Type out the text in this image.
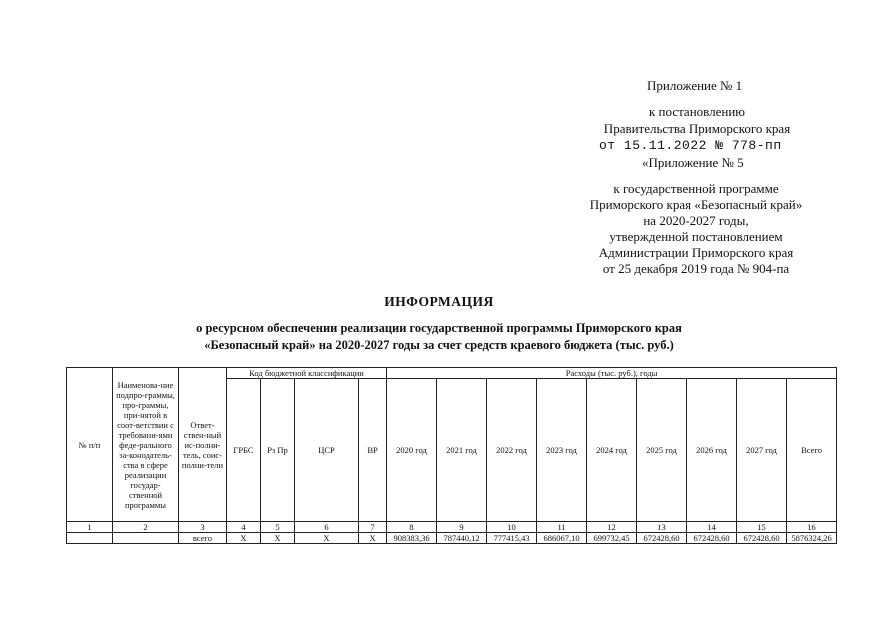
Приложение № 1
к постановлению
Правительства Приморского края
от 15.11.2022 № 778-пп
«Приложение № 5
к государственной программе
Приморского края «Безопасный край»
на 2020-2027 годы,
утвержденной постановлением
Администрации Приморского края
от 25 декабря 2019 года № 904-па
ИНФОРМАЦИЯ
о ресурсном обеспечении реализации государственной программы Приморского края
«Безопасный край» на 2020-2027 годы за счет средств краевого бюджета (тыс. руб.)
№ п/п	Наименова-ние подпро-граммы, про-граммы, при-нятой в соот-ветствии с требовани-ями феде-рального за-конодатель-ства в сфере реализации государ-ственной программы	Ответ-ствен-ный ис-полни-тель, соис-полни-тели	Код бюджетной классификации				Расходы (тыс. руб.), годы								
			ГРБС	Рз Пр	ЦСР	ВР	2020 год	2021 год	2022 год	2023 год	2024 год	2025 год	2026 год	2027 год	Всего
1	2	3	4	5	6	7	8	9	10	11	12	13	14	15	16
		всего	Х	Х	Х	Х	908383,36	787440,12	777415,43	686067,10	699732,45	672428,60	672428,60	672428,60	5876324,26
